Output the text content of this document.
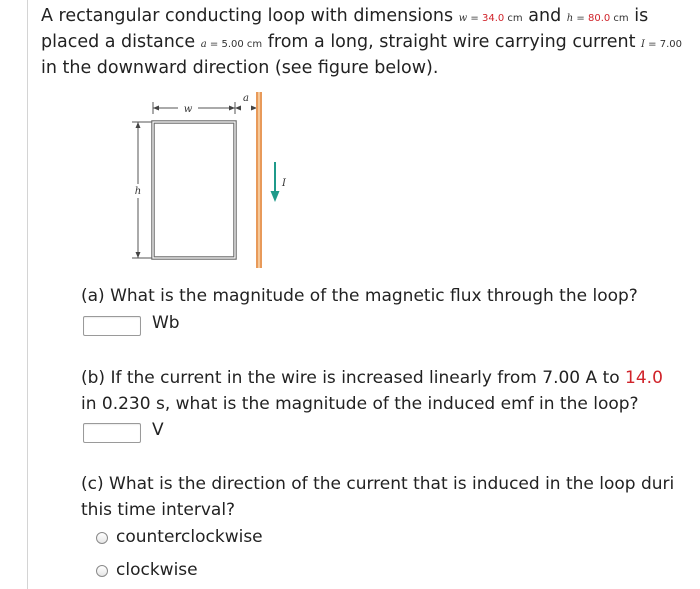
A rectangular conducting loop with dimensions w = 34.0 cm and h = 80.0 cm is
placed a distance a = 5.00 cm from a long, straight wire carrying current I = 7.00
in the downward direction (see figure below).
w
a
h
I
(a) What is the magnitude of the magnetic flux through the loop?
Wb
(b) If the current in the wire is increased linearly from 7.00 A to 14.0
in 0.230 s, what is the magnitude of the induced emf in the loop?
V
(c) What is the direction of the current that is induced in the loop duri
this time interval?
counterclockwise
clockwise
